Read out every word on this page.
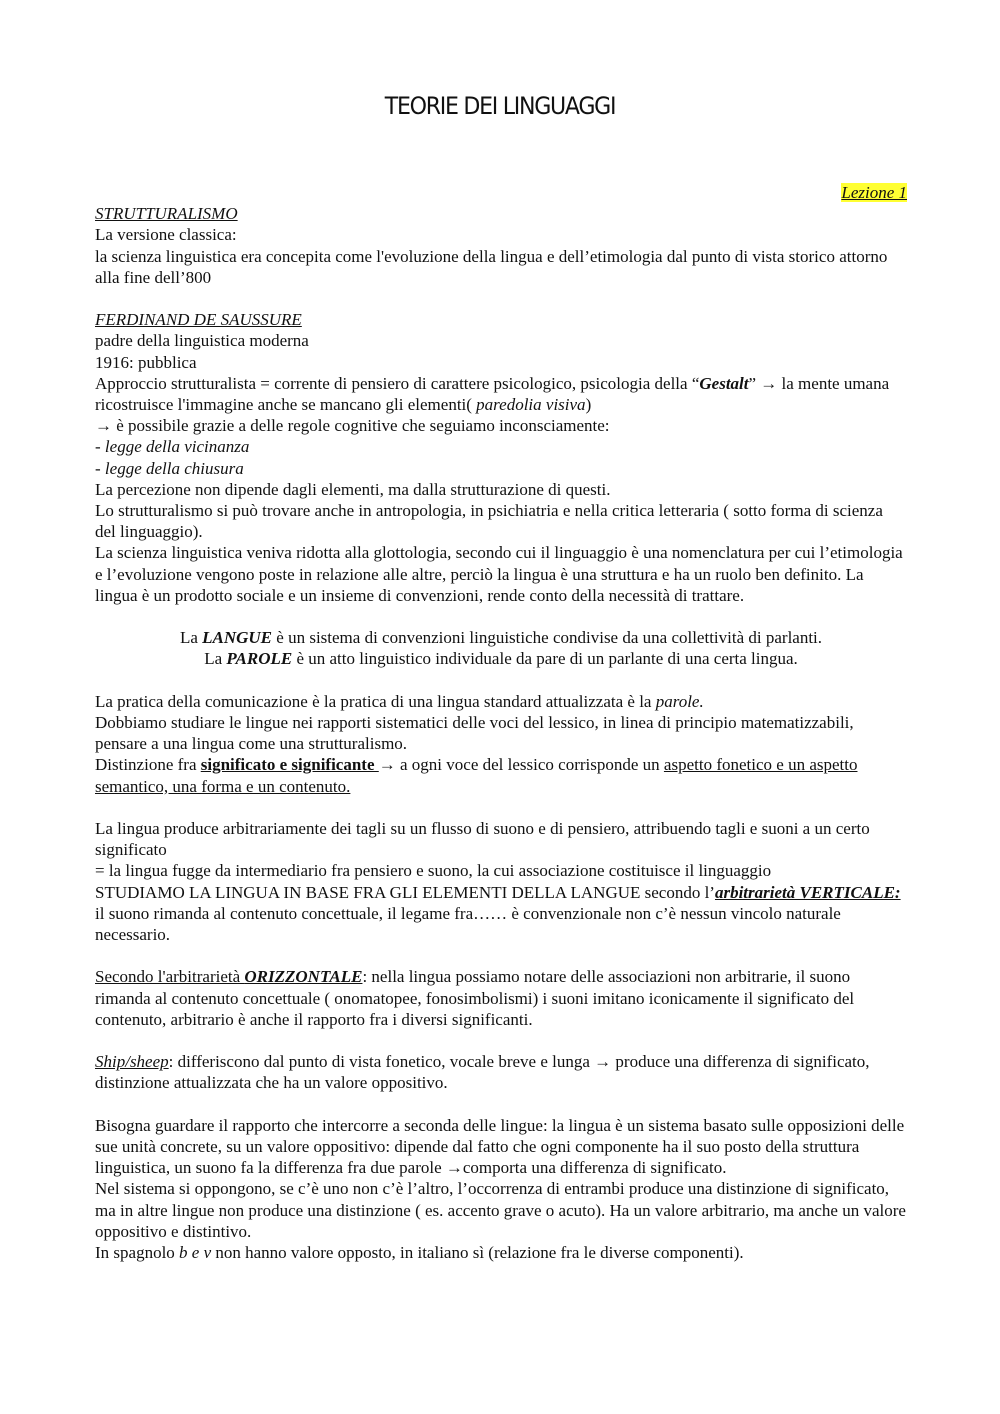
TEORIE DEI LINGUAGGI

Lezione 1

STRUTTURALISMO

La versione classica:

la scienza linguistica era concepita come l'evoluzione della lingua e dell’etimologia dal punto di vista storico attorno alla fine dell’800

FERDINAND DE SAUSSURE

padre della linguistica moderna

1916: pubblica

Approccio strutturalista = corrente di pensiero di carattere psicologico, psicologia della “Gestalt” → la mente umana ricostruisce l'immagine anche se mancano gli elementi( paredolia visiva)

→ è possibile grazie a delle regole cognitive che seguiamo inconsciamente:

- legge della vicinanza

- legge della chiusura

La percezione non dipende dagli elementi, ma dalla strutturazione di questi.

Lo strutturalismo si può trovare anche in antropologia, in psichiatria e nella critica letteraria ( sotto forma di scienza del linguaggio).

La scienza linguistica veniva ridotta alla glottologia, secondo cui il linguaggio è una nomenclatura per cui l’etimologia e l’evoluzione vengono poste in relazione alle altre, perciò la lingua è una struttura e ha un ruolo ben definito. La lingua è un prodotto sociale e un insieme di convenzioni, rende conto della necessità di trattare.

La LANGUE è un sistema di convenzioni linguistiche condivise da una collettività di parlanti.

La PAROLE è un atto linguistico individuale da pare di un parlante di una certa lingua.

La pratica della comunicazione è la pratica di una lingua standard attualizzata è la parole.

Dobbiamo studiare le lingue nei rapporti sistematici delle voci del lessico, in linea di principio matematizzabili, pensare a una lingua come una strutturalismo.

Distinzione fra significato e significante → a ogni voce del lessico corrisponde un aspetto fonetico e un aspetto semantico, una forma e un contenuto.

La lingua produce arbitrariamente dei tagli su un flusso di suono e di pensiero, attribuendo tagli e suoni a un certo significato

= la lingua fugge da intermediario fra pensiero e suono, la cui associazione costituisce il linguaggio

STUDIAMO LA LINGUA IN BASE FRA GLI ELEMENTI DELLA LANGUE secondo l’arbitrarietà VERTICALE: il suono rimanda al contenuto concettuale, il legame fra…… è convenzionale non c’è nessun vincolo naturale necessario.

Secondo l'arbitrarietà ORIZZONTALE: nella lingua possiamo notare delle associazioni non arbitrarie, il suono rimanda al contenuto concettuale ( onomatopee, fonosimbolismi) i suoni imitano iconicamente il significato del contenuto, arbitrario è anche il rapporto fra i diversi significanti.

Ship/sheep: differiscono dal punto di vista fonetico, vocale breve e lunga → produce una differenza di significato, distinzione attualizzata che ha un valore oppositivo.

Bisogna guardare il rapporto che intercorre a seconda delle lingue: la lingua è un sistema basato sulle opposizioni delle sue unità concrete, su un valore oppositivo: dipende dal fatto che ogni componente ha il suo posto della struttura linguistica, un suono fa la differenza fra due parole →comporta una differenza di significato.

Nel sistema si oppongono, se c’è uno non c’è l’altro, l’occorrenza di entrambi produce una distinzione di significato, ma in altre lingue non produce una distinzione ( es. accento grave o acuto). Ha un valore arbitrario, ma anche un valore oppositivo e distintivo.

In spagnolo b e v non hanno valore opposto, in italiano sì (relazione fra le diverse componenti).
